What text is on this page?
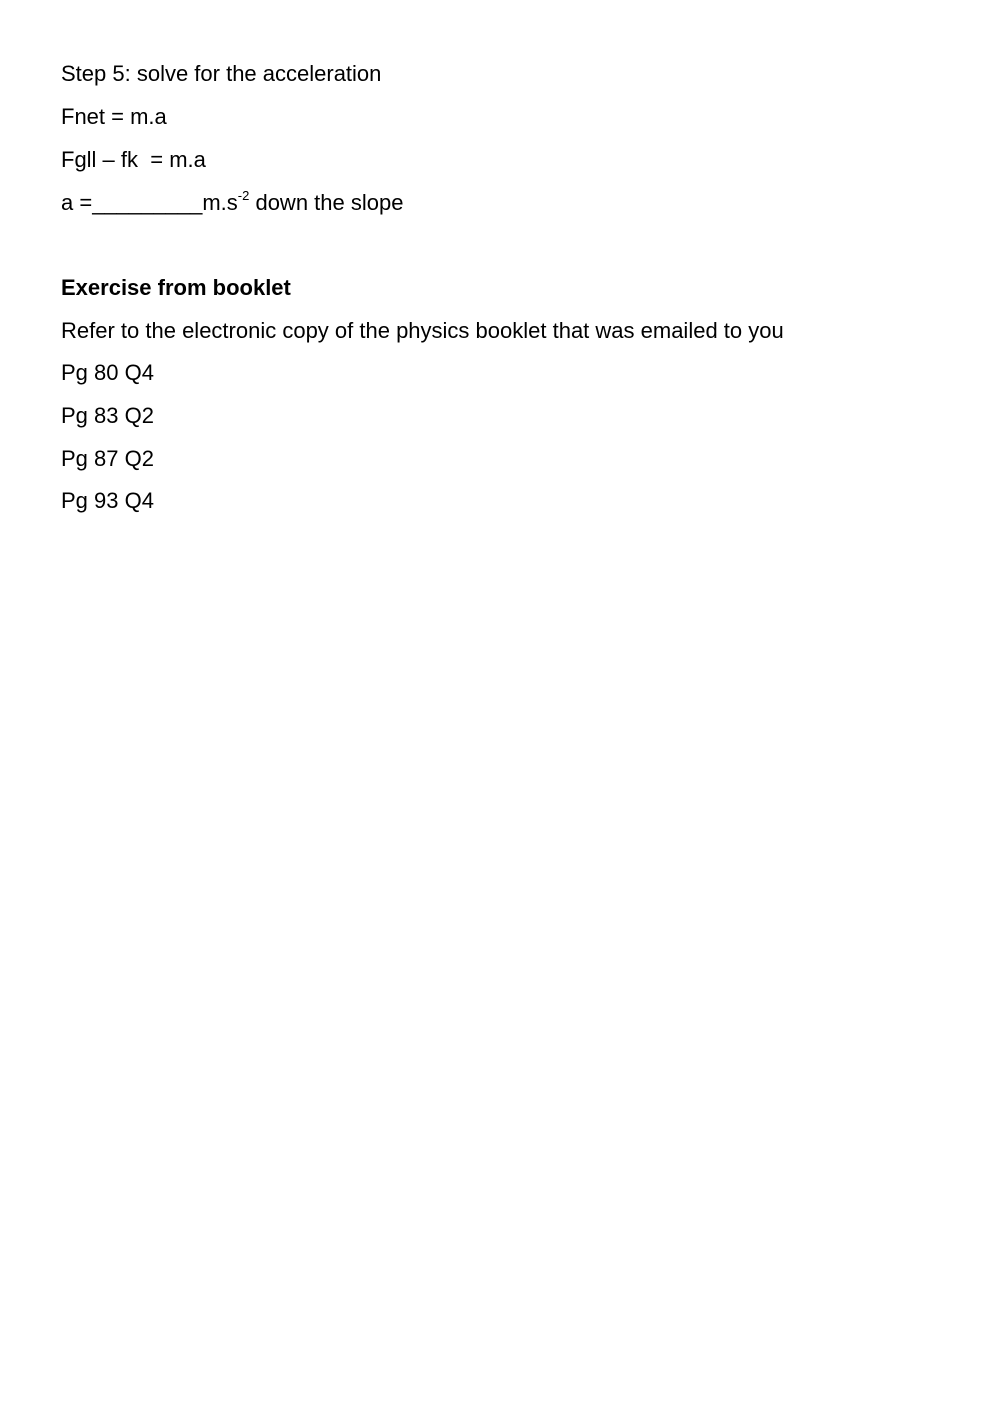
Step 5: solve for the acceleration
Fnet = m.a
Fgll – fk  = m.a
$a =\_\_\_\_\_\_\_\_\_m.s^{-2}$ down the slope
Exercise from booklet
Refer to the electronic copy of the physics booklet that was emailed to you
Pg 80 Q4
Pg 83 Q2
Pg 87 Q2
Pg 93 Q4
